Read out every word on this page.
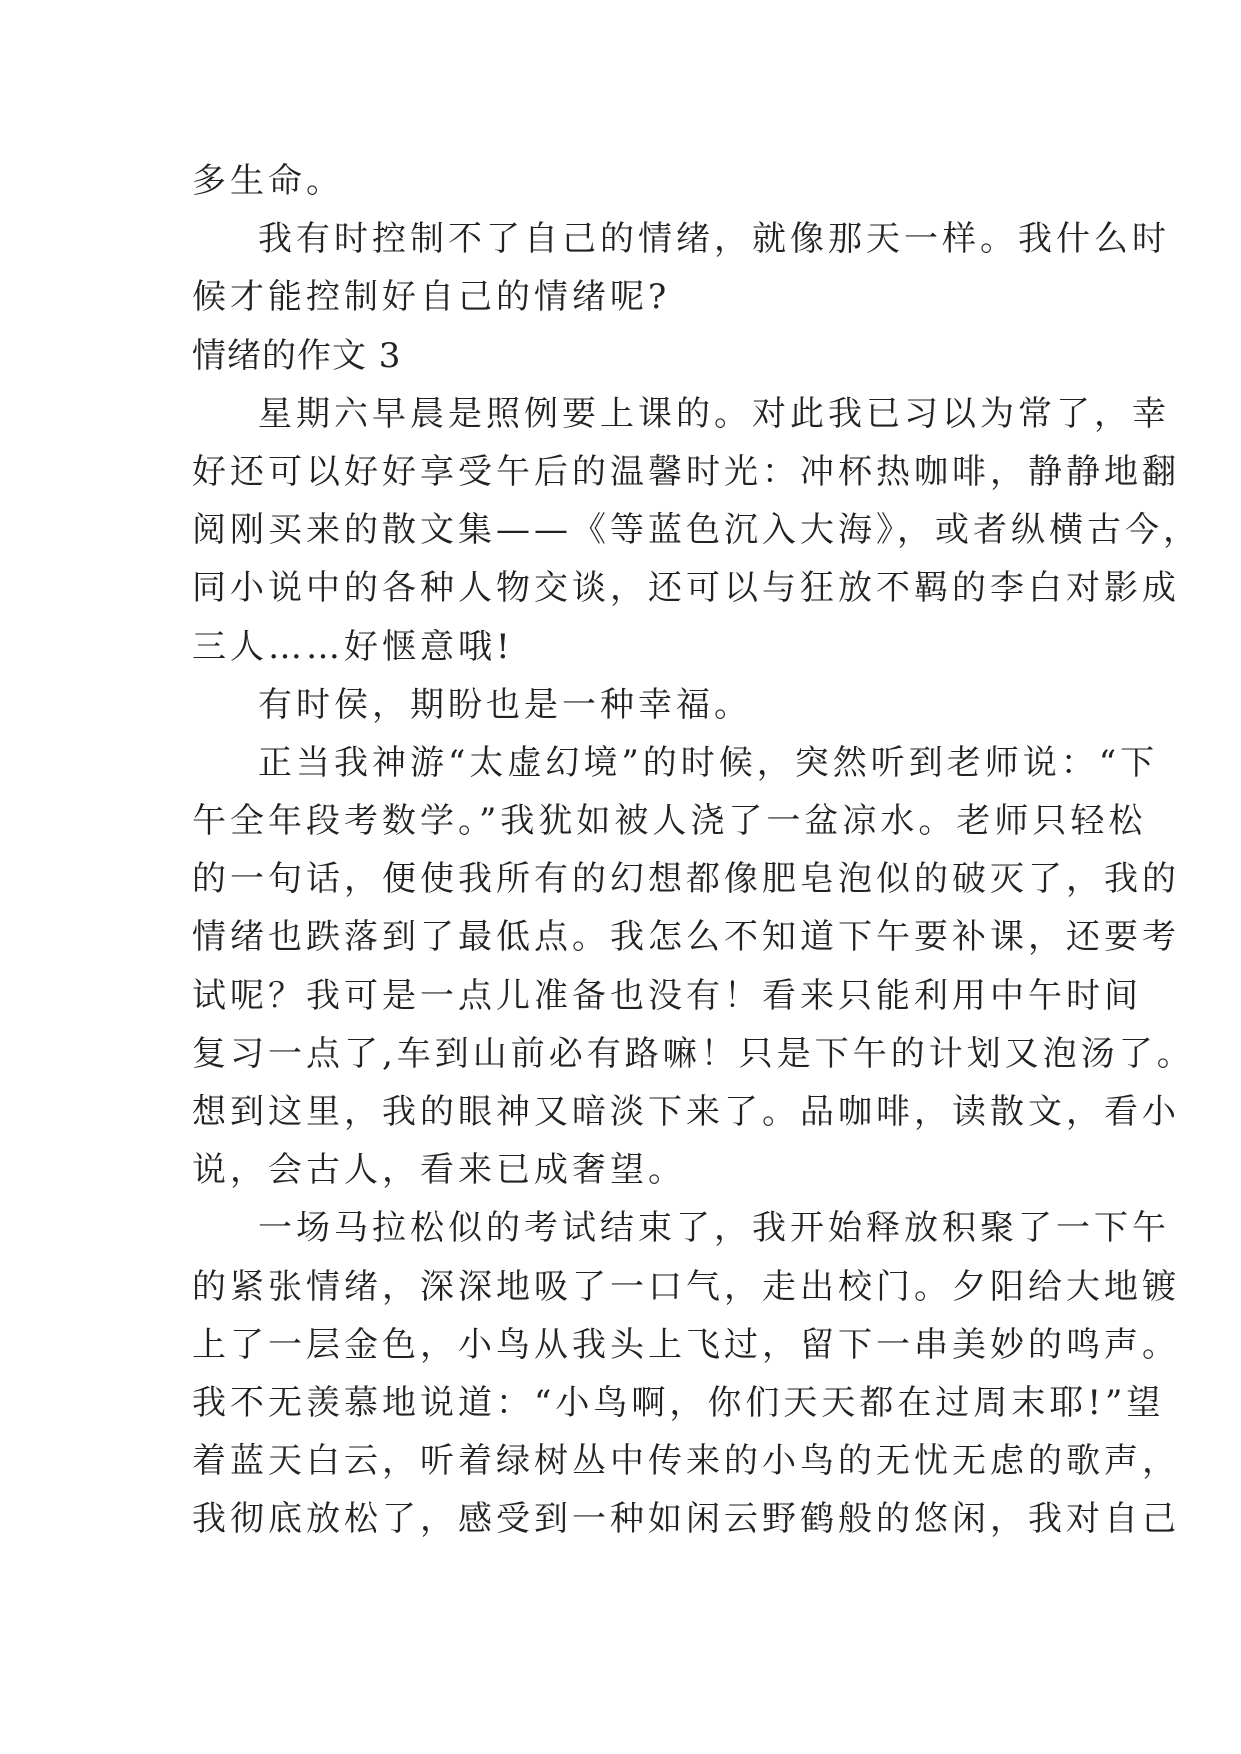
多生命。

我有时控制不了自己的情绪，就像那天一样。我什么时

候才能控制好自己的情绪呢?

情绪的作文 3

星期六早晨是照例要上课的。对此我已习以为常了，幸

好还可以好好享受午后的温馨时光：冲杯热咖啡，静静地翻

阅刚买来的散文集——《等蓝色沉入大海》，或者纵横古今，

同小说中的各种人物交谈，还可以与狂放不羁的李白对影成

三人……好惬意哦!

有时侯，期盼也是一种幸福。

正当我神游“太虚幻境”的时候，突然听到老师说：“下

午全年段考数学。”我犹如被人浇了一盆凉水。老师只轻松

的一句话，便使我所有的幻想都像肥皂泡似的破灭了，我的

情绪也跌落到了最低点。我怎么不知道下午要补课，还要考

试呢？我可是一点儿准备也没有！看来只能利用中午时间

复习一点了,车到山前必有路嘛！只是下午的计划又泡汤了。

想到这里，我的眼神又暗淡下来了。品咖啡，读散文，看小

说，会古人，看来已成奢望。

一场马拉松似的考试结束了，我开始释放积聚了一下午

的紧张情绪，深深地吸了一口气，走出校门。夕阳给大地镀

上了一层金色，小鸟从我头上飞过，留下一串美妙的鸣声。

我不无羡慕地说道：“小鸟啊，你们天天都在过周末耶!”望

着蓝天白云，听着绿树丛中传来的小鸟的无忧无虑的歌声，

我彻底放松了，感受到一种如闲云野鹤般的悠闲，我对自己
